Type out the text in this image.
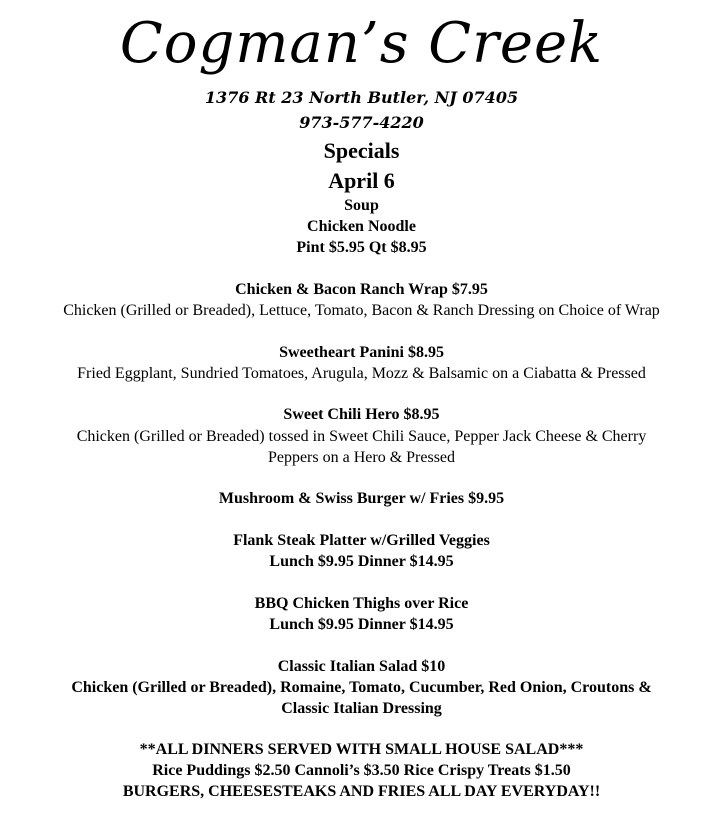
Cogman’s Creek
1376 Rt 23 North Butler, NJ 07405
973-577-4220
Specials
April 6
Soup
Chicken Noodle
Pint $5.95 Qt $8.95
Chicken & Bacon Ranch Wrap $7.95
Chicken (Grilled or Breaded), Lettuce, Tomato, Bacon & Ranch Dressing on Choice of Wrap
Sweetheart Panini $8.95
Fried Eggplant, Sundried Tomatoes, Arugula, Mozz & Balsamic on a Ciabatta & Pressed
Sweet Chili Hero $8.95
Chicken (Grilled or Breaded) tossed in Sweet Chili Sauce, Pepper Jack Cheese & Cherry
Peppers on a Hero & Pressed
Mushroom & Swiss Burger w/ Fries $9.95
Flank Steak Platter w/Grilled Veggies
Lunch $9.95 Dinner $14.95
BBQ Chicken Thighs over Rice
Lunch $9.95 Dinner $14.95
Classic Italian Salad $10
Chicken (Grilled or Breaded), Romaine, Tomato, Cucumber, Red Onion, Croutons &
Classic Italian Dressing
**ALL DINNERS SERVED WITH SMALL HOUSE SALAD***
Rice Puddings $2.50 Cannoli’s $3.50 Rice Crispy Treats $1.50
BURGERS, CHEESESTEAKS AND FRIES ALL DAY EVERYDAY!!
